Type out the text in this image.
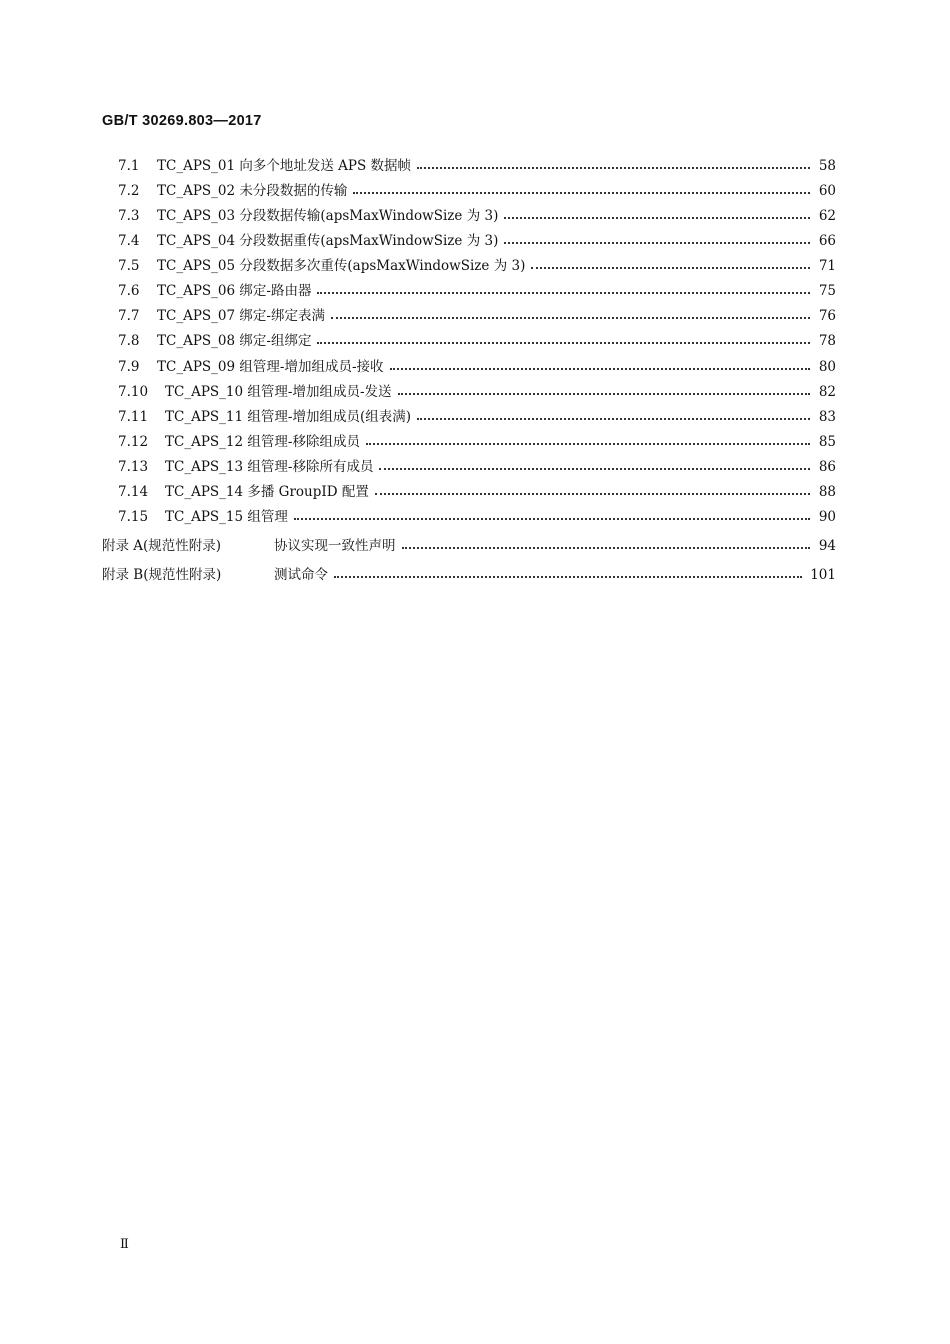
GB/T 30269.803—2017
7.1 TC_APS_01 向多个地址发送 APS 数据帧	58
7.2 TC_APS_02 未分段数据的传输	60
7.3 TC_APS_03 分段数据传输(apsMaxWindowSize 为 3)	62
7.4 TC_APS_04 分段数据重传(apsMaxWindowSize 为 3)	66
7.5 TC_APS_05 分段数据多次重传(apsMaxWindowSize 为 3)	71
7.6 TC_APS_06 绑定-路由器	75
7.7 TC_APS_07 绑定-绑定表满	76
7.8 TC_APS_08 绑定-组绑定	78
7.9 TC_APS_09 组管理-增加组成员-接收	80
7.10 TC_APS_10 组管理-增加组成员-发送	82
7.11 TC_APS_11 组管理-增加组成员(组表满)	83
7.12 TC_APS_12 组管理-移除组成员	85
7.13 TC_APS_13 组管理-移除所有成员	86
7.14 TC_APS_14 多播 GroupID 配置	88
7.15 TC_APS_15 组管理	90
附录 A(规范性附录)	协议实现一致性声明	94
附录 B(规范性附录)	测试命令	101
Ⅱ
